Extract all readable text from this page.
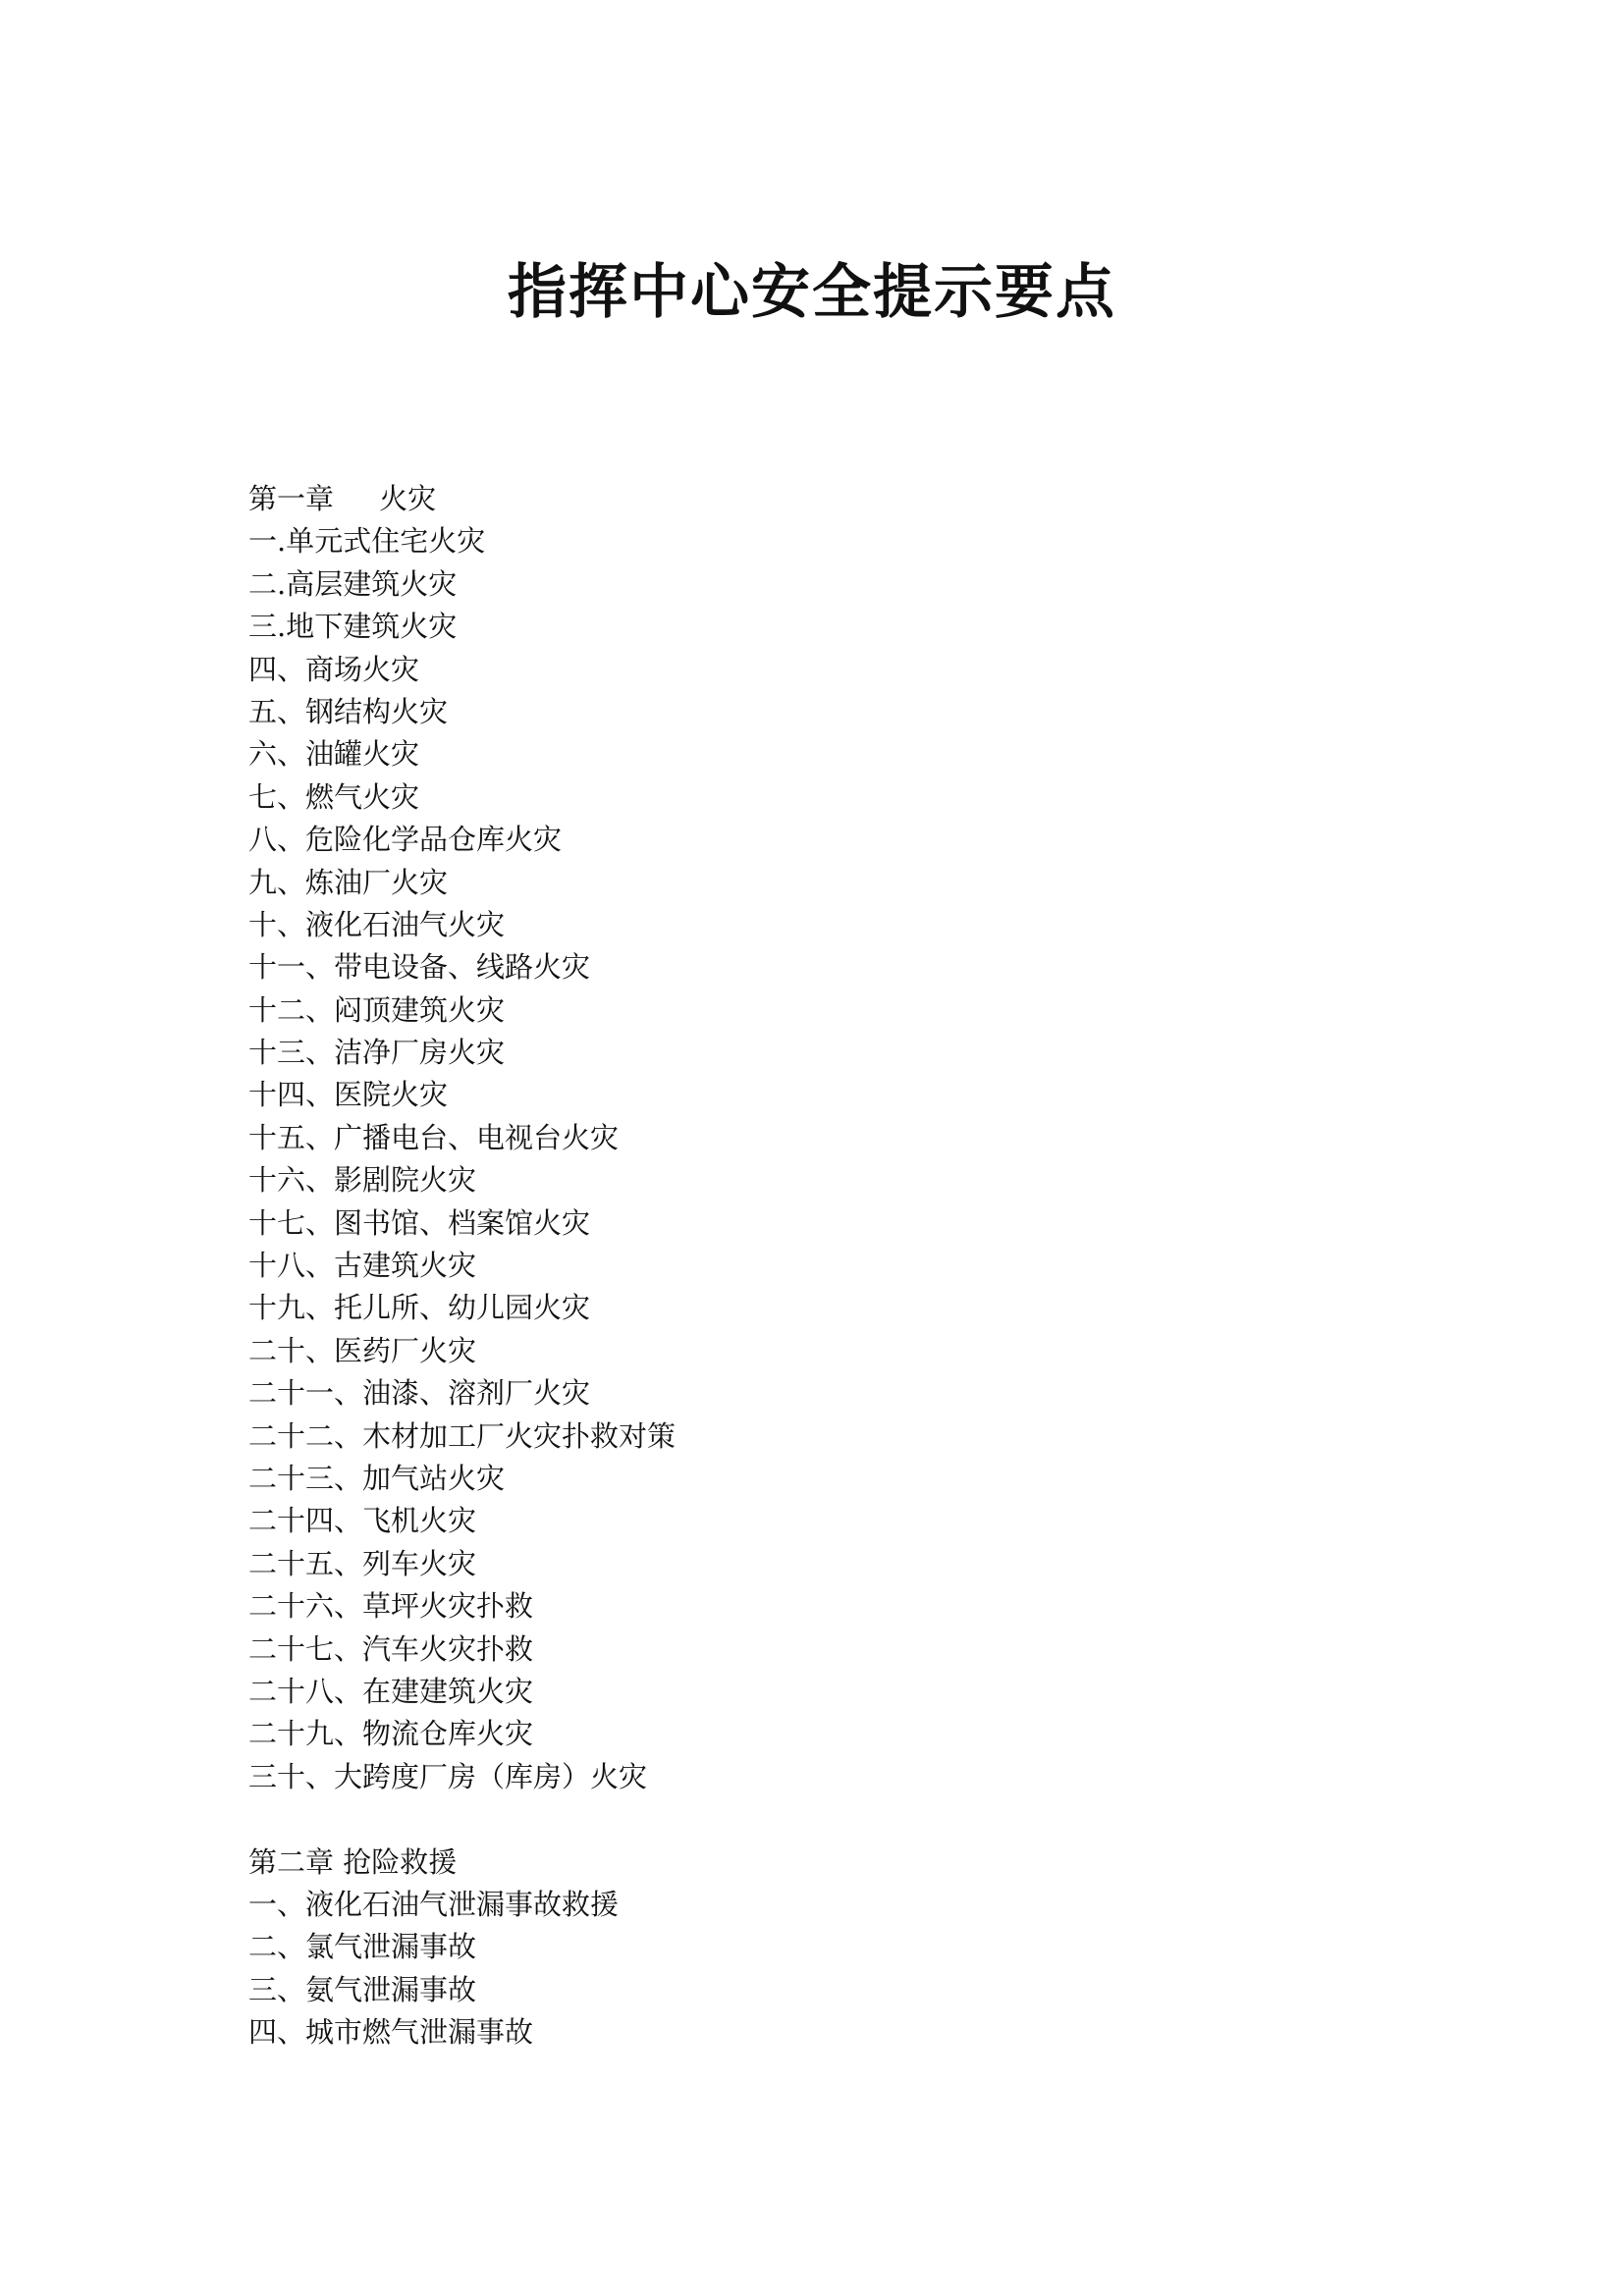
指挥中心安全提示要点
第一章     火灾
一.单元式住宅火灾
二.高层建筑火灾
三.地下建筑火灾
四、商场火灾
五、钢结构火灾
六、油罐火灾
七、燃气火灾
八、危险化学品仓库火灾
九、炼油厂火灾
十、液化石油气火灾
十一、带电设备、线路火灾
十二、闷顶建筑火灾
十三、洁净厂房火灾
十四、医院火灾
十五、广播电台、电视台火灾
十六、影剧院火灾
十七、图书馆、档案馆火灾
十八、古建筑火灾
十九、托儿所、幼儿园火灾
二十、医药厂火灾
二十一、油漆、溶剂厂火灾
二十二、木材加工厂火灾扑救对策
二十三、加气站火灾
二十四、飞机火灾
二十五、列车火灾
二十六、草坪火灾扑救
二十七、汽车火灾扑救
二十八、在建建筑火灾
二十九、物流仓库火灾
三十、大跨度厂房（库房）火灾
第二章 抢险救援
一、液化石油气泄漏事故救援
二、氯气泄漏事故
三、氨气泄漏事故
四、城市燃气泄漏事故
